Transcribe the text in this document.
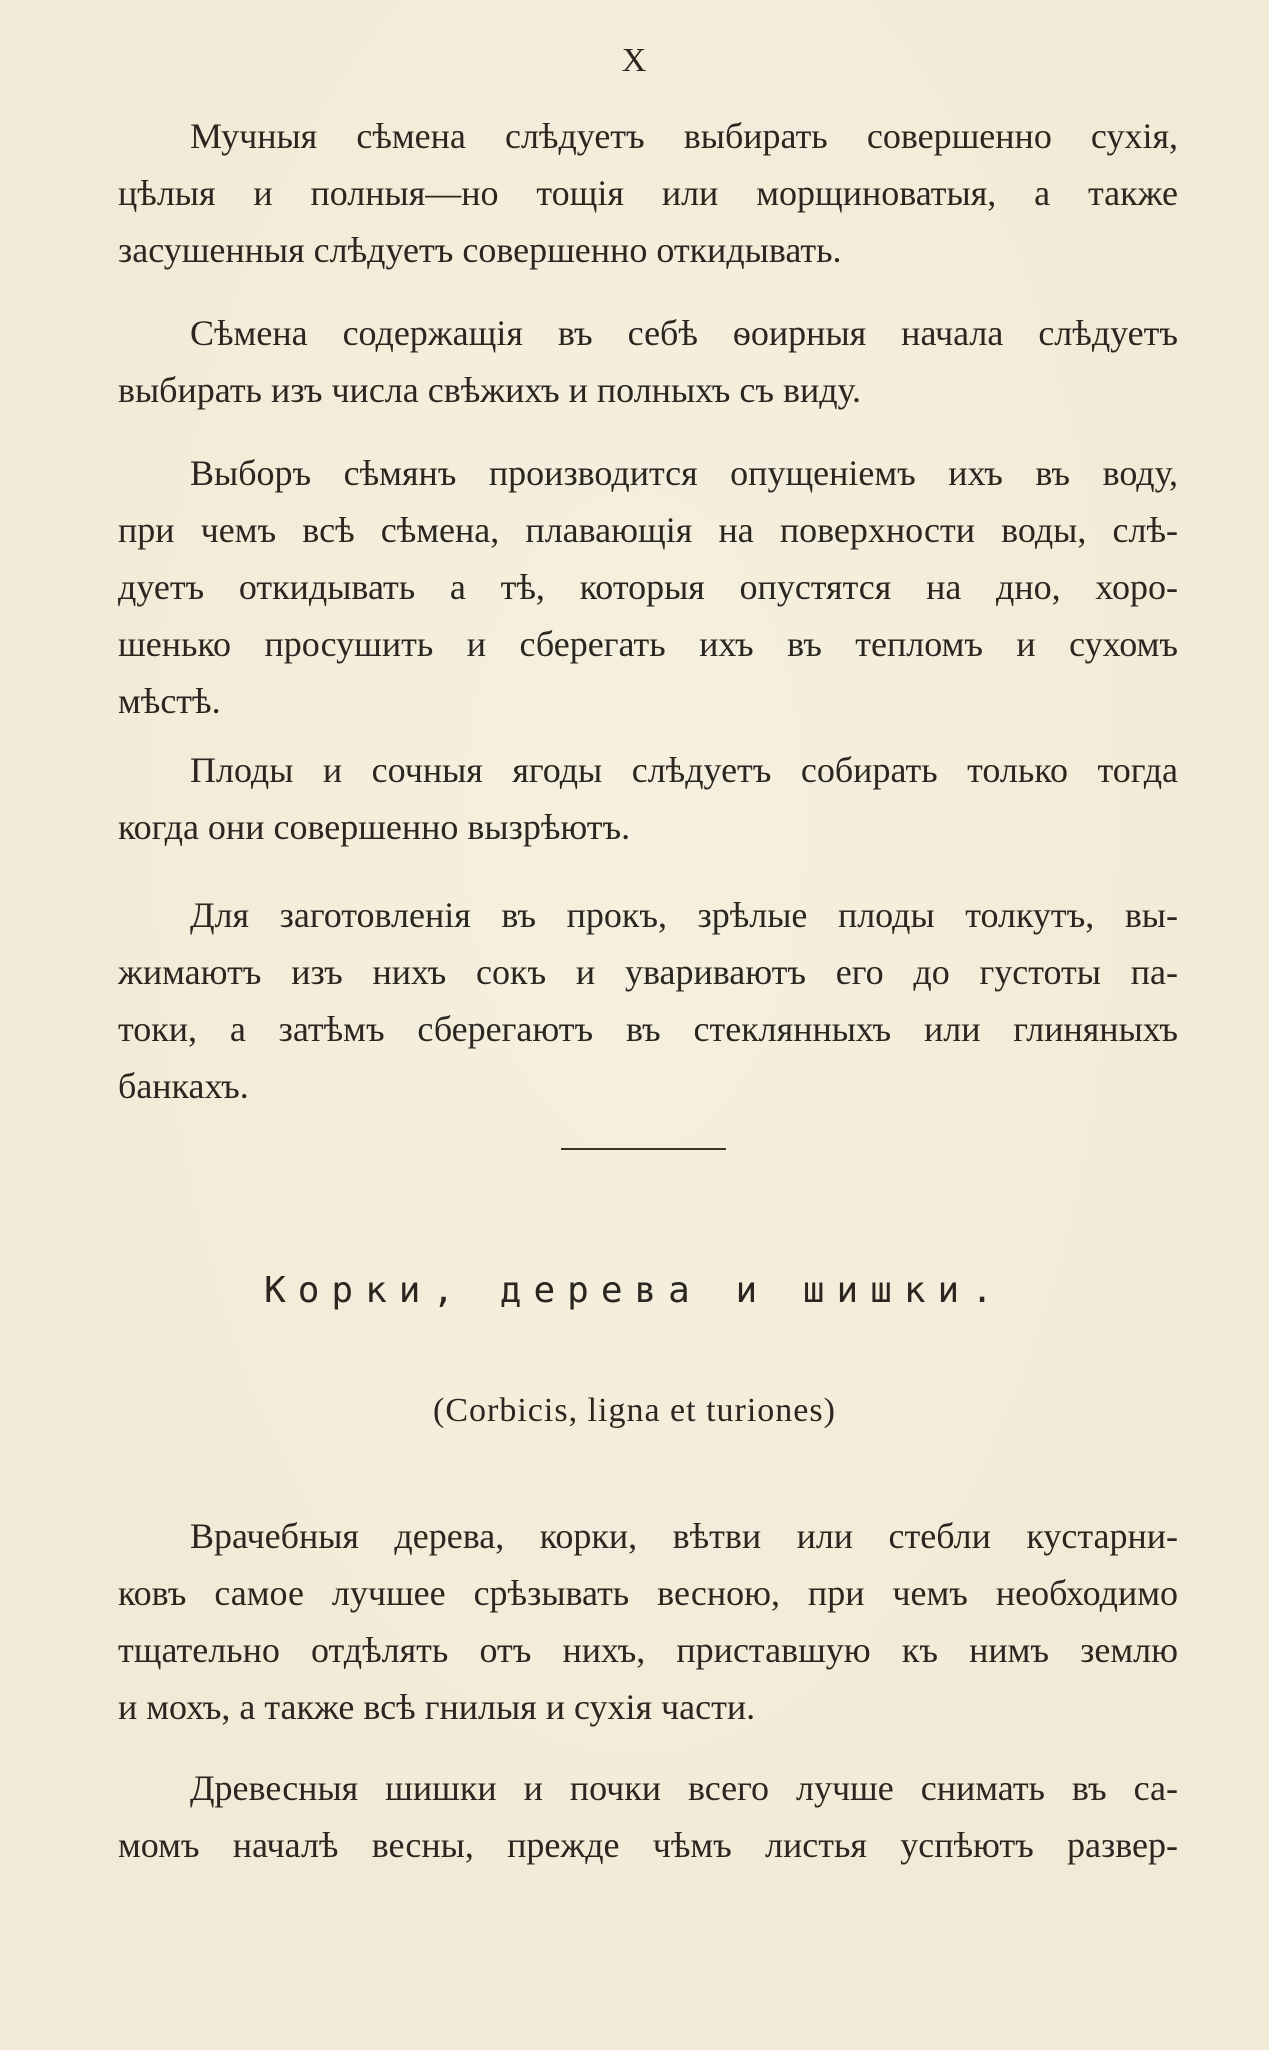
X
Мучныя сѣмена слѣдуетъ выбирать совершенно сухія,
цѣлыя и полныя—но тощія или морщиноватыя, а также
засушенныя слѣдуетъ совершенно откидывать.
Сѣмена содержащія въ себѣ ѳоирныя начала слѣдуетъ
выбирать изъ числа свѣжихъ и полныхъ съ виду.
Выборъ сѣмянъ производится опущеніемъ ихъ въ воду,
при чемъ всѣ сѣмена, плавающія на поверхности воды, слѣ-
дуетъ откидывать а тѣ, которыя опустятся на дно, хоро-
шенько просушить и сберегать ихъ въ тепломъ и сухомъ
мѣстѣ.
Плоды и сочныя ягоды слѣдуетъ собирать только тогда
когда они совершенно вызрѣютъ.
Для заготовленія въ прокъ, зрѣлые плоды толкутъ, вы-
жимаютъ изъ нихъ сокъ и увариваютъ его до густоты па-
токи, а затѣмъ сберегаютъ въ стеклянныхъ или глиняныхъ
банкахъ.
Корки, дерева и шишки.
(Corbicis, ligna et turiones)
Врачебныя дерева, корки, вѣтви или стебли кустарни-
ковъ самое лучшее срѣзывать весною, при чемъ необходимо
тщательно отдѣлять отъ нихъ, приставшую къ нимъ землю
и мохъ, а также всѣ гнилыя и сухія части.
Древесныя шишки и почки всего лучше снимать въ са-
момъ началѣ весны, прежде чѣмъ листья успѣютъ развер-
